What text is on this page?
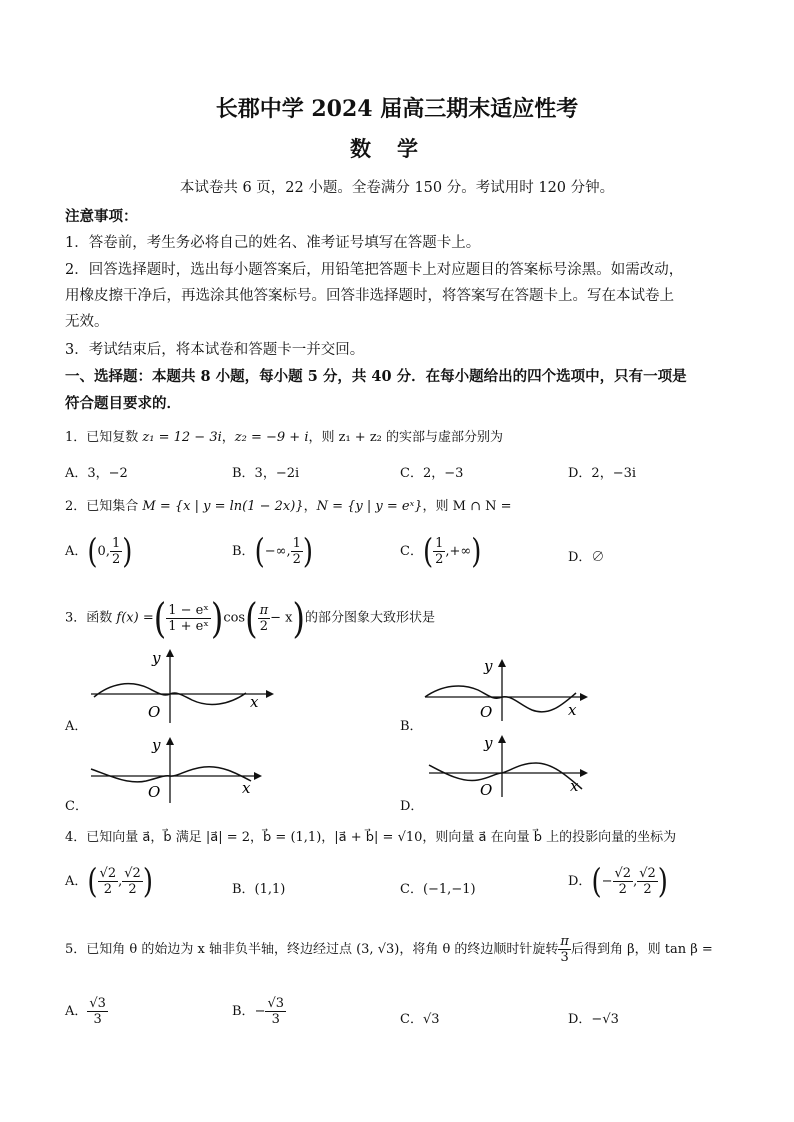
长郡中学 2024 届高三期末适应性考
数学
本试卷共 6 页，22 小题。全卷满分 150 分。考试用时 120 分钟。
注意事项：
1．答卷前，考生务必将自己的姓名、准考证号填写在答题卡上。
2．回答选择题时，选出每小题答案后，用铅笔把答题卡上对应题目的答案标号涂黑。如需改动，
用橡皮擦干净后，再选涂其他答案标号。回答非选择题时，将答案写在答题卡上。写在本试卷上
无效。
3．考试结束后，将本试卷和答题卡一并交回。
一、选择题：本题共 8 小题，每小题 5 分，共 40 分．在每小题给出的四个选项中，只有一项是
符合题目要求的．
1．已知复数 z₁ = 12 − 3i，z₂ = −9 + i，则 z₁ + z₂ 的实部与虚部分别为
A．3，−2	B．3，−2i	C．2，−3	D．2，−3i
2．已知集合 M = {x | y = ln(1 − 2x)}，N = {y | y = eˣ}，则 M ∩ N =
A．(0, $\frac{1}{2}$ )	B．(−∞, $\frac{1}{2}$ )	C．( $\frac{1}{2}$ ,+∞)	D．∅
3．函数 f(x) =( $\frac{\text{1 − eˣ}}{\text{1 + eˣ}} )\cos( \frac{\pi}{2} - x)$的部分图象大致形状是
A．
x
y
O
B．
x
y
O
C．
x
y
O
D．
x
y
O
4．已知向量 a⃗，b⃗ 满足 |a⃗| = 2，b⃗ = (1,1)，|a⃗ + b⃗| = √10，则向量 a⃗ 在向量 b⃗ 上的投影向量的坐标为
A．( $\frac{√2}{2}$ , $\frac{√2}{2}$ )	B．(1,1)	C．(−1,−1)
D．(− $\frac{√2}{2}$ , $\frac{√2}{2}$ )
5．已知角 θ 的始边为 x 轴非负半轴，终边经过点 (3, √3)，将角 θ 的终边顺时针旋转 $\frac{\pi}{3}$ 后得到角 β，则 tan β =
A． $\frac{√3}{3}$	B．− $\frac{√3}{3}$	C．√3	D．−√3
